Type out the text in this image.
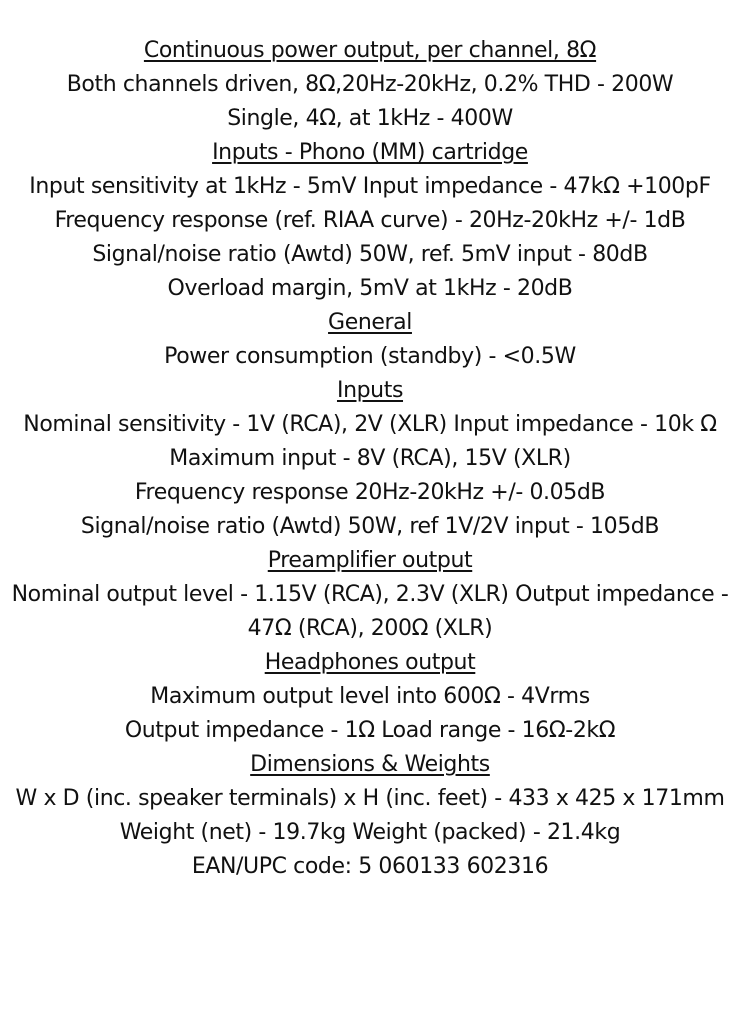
Continuous power output, per channel, 8Ω
Both channels driven, 8Ω,20Hz-20kHz, 0.2% THD - 200W
Single, 4Ω, at 1kHz - 400W
Inputs - Phono (MM) cartridge
Input sensitivity at 1kHz - 5mV Input impedance - 47kΩ +100pF
Frequency response (ref. RIAA curve) - 20Hz-20kHz +/- 1dB
Signal/noise ratio (Awtd) 50W, ref. 5mV input - 80dB
Overload margin, 5mV at 1kHz - 20dB
General
Power consumption (standby) - <0.5W
Inputs
Nominal sensitivity - 1V (RCA), 2V (XLR) Input impedance - 10k Ω
Maximum input - 8V (RCA), 15V (XLR)
Frequency response 20Hz-20kHz +/- 0.05dB
Signal/noise ratio (Awtd) 50W, ref 1V/2V input - 105dB
Preamplifier output
Nominal output level - 1.15V (RCA), 2.3V (XLR) Output impedance - 47Ω (RCA), 200Ω (XLR)
Headphones output
Maximum output level into 600Ω - 4Vrms
Output impedance - 1Ω Load range - 16Ω-2kΩ
Dimensions & Weights
W x D (inc. speaker terminals) x H (inc. feet) - 433 x 425 x 171mm
Weight (net) - 19.7kg Weight (packed) - 21.4kg
EAN/UPC code: 5 060133 602316
